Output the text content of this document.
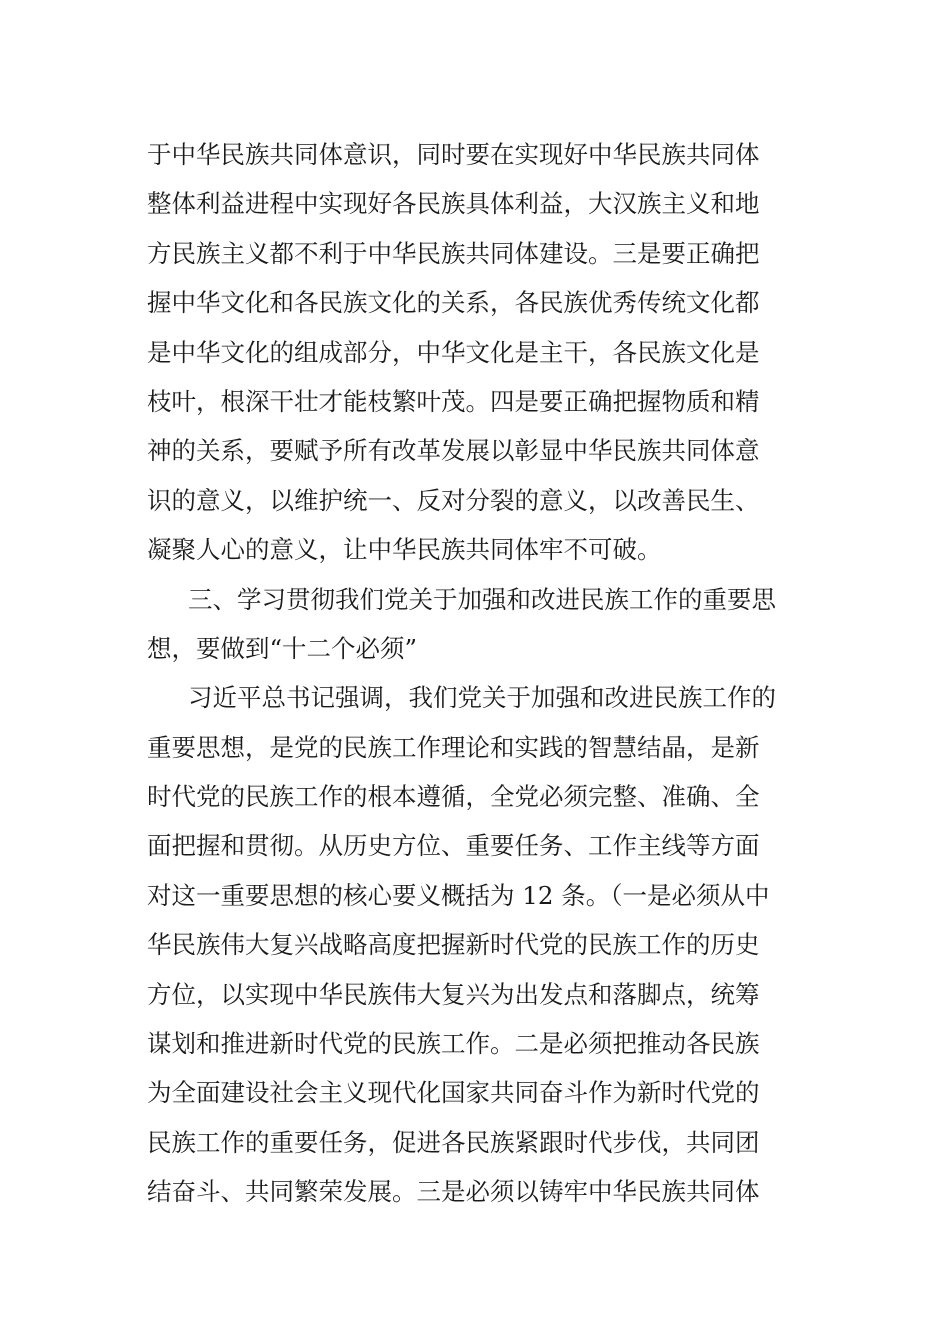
于中华民族共同体意识，同时要在实现好中华民族共同体
整体利益进程中实现好各民族具体利益，大汉族主义和地
方民族主义都不利于中华民族共同体建设。三是要正确把
握中华文化和各民族文化的关系，各民族优秀传统文化都
是中华文化的组成部分，中华文化是主干，各民族文化是
枝叶，根深干壮才能枝繁叶茂。四是要正确把握物质和精
神的关系，要赋予所有改革发展以彰显中华民族共同体意
识的意义，以维护统一、反对分裂的意义，以改善民生、
凝聚人心的意义，让中华民族共同体牢不可破。
三、学习贯彻我们党关于加强和改进民族工作的重要思
想，要做到“十二个必须”
习近平总书记强调，我们党关于加强和改进民族工作的
重要思想，是党的民族工作理论和实践的智慧结晶，是新
时代党的民族工作的根本遵循，全党必须完整、准确、全
面把握和贯彻。从历史方位、重要任务、工作主线等方面
对这一重要思想的核心要义概括为 12 条。（一是必须从中
华民族伟大复兴战略高度把握新时代党的民族工作的历史
方位，以实现中华民族伟大复兴为出发点和落脚点，统筹
谋划和推进新时代党的民族工作。二是必须把推动各民族
为全面建设社会主义现代化国家共同奋斗作为新时代党的
民族工作的重要任务，促进各民族紧跟时代步伐，共同团
结奋斗、共同繁荣发展。三是必须以铸牢中华民族共同体
